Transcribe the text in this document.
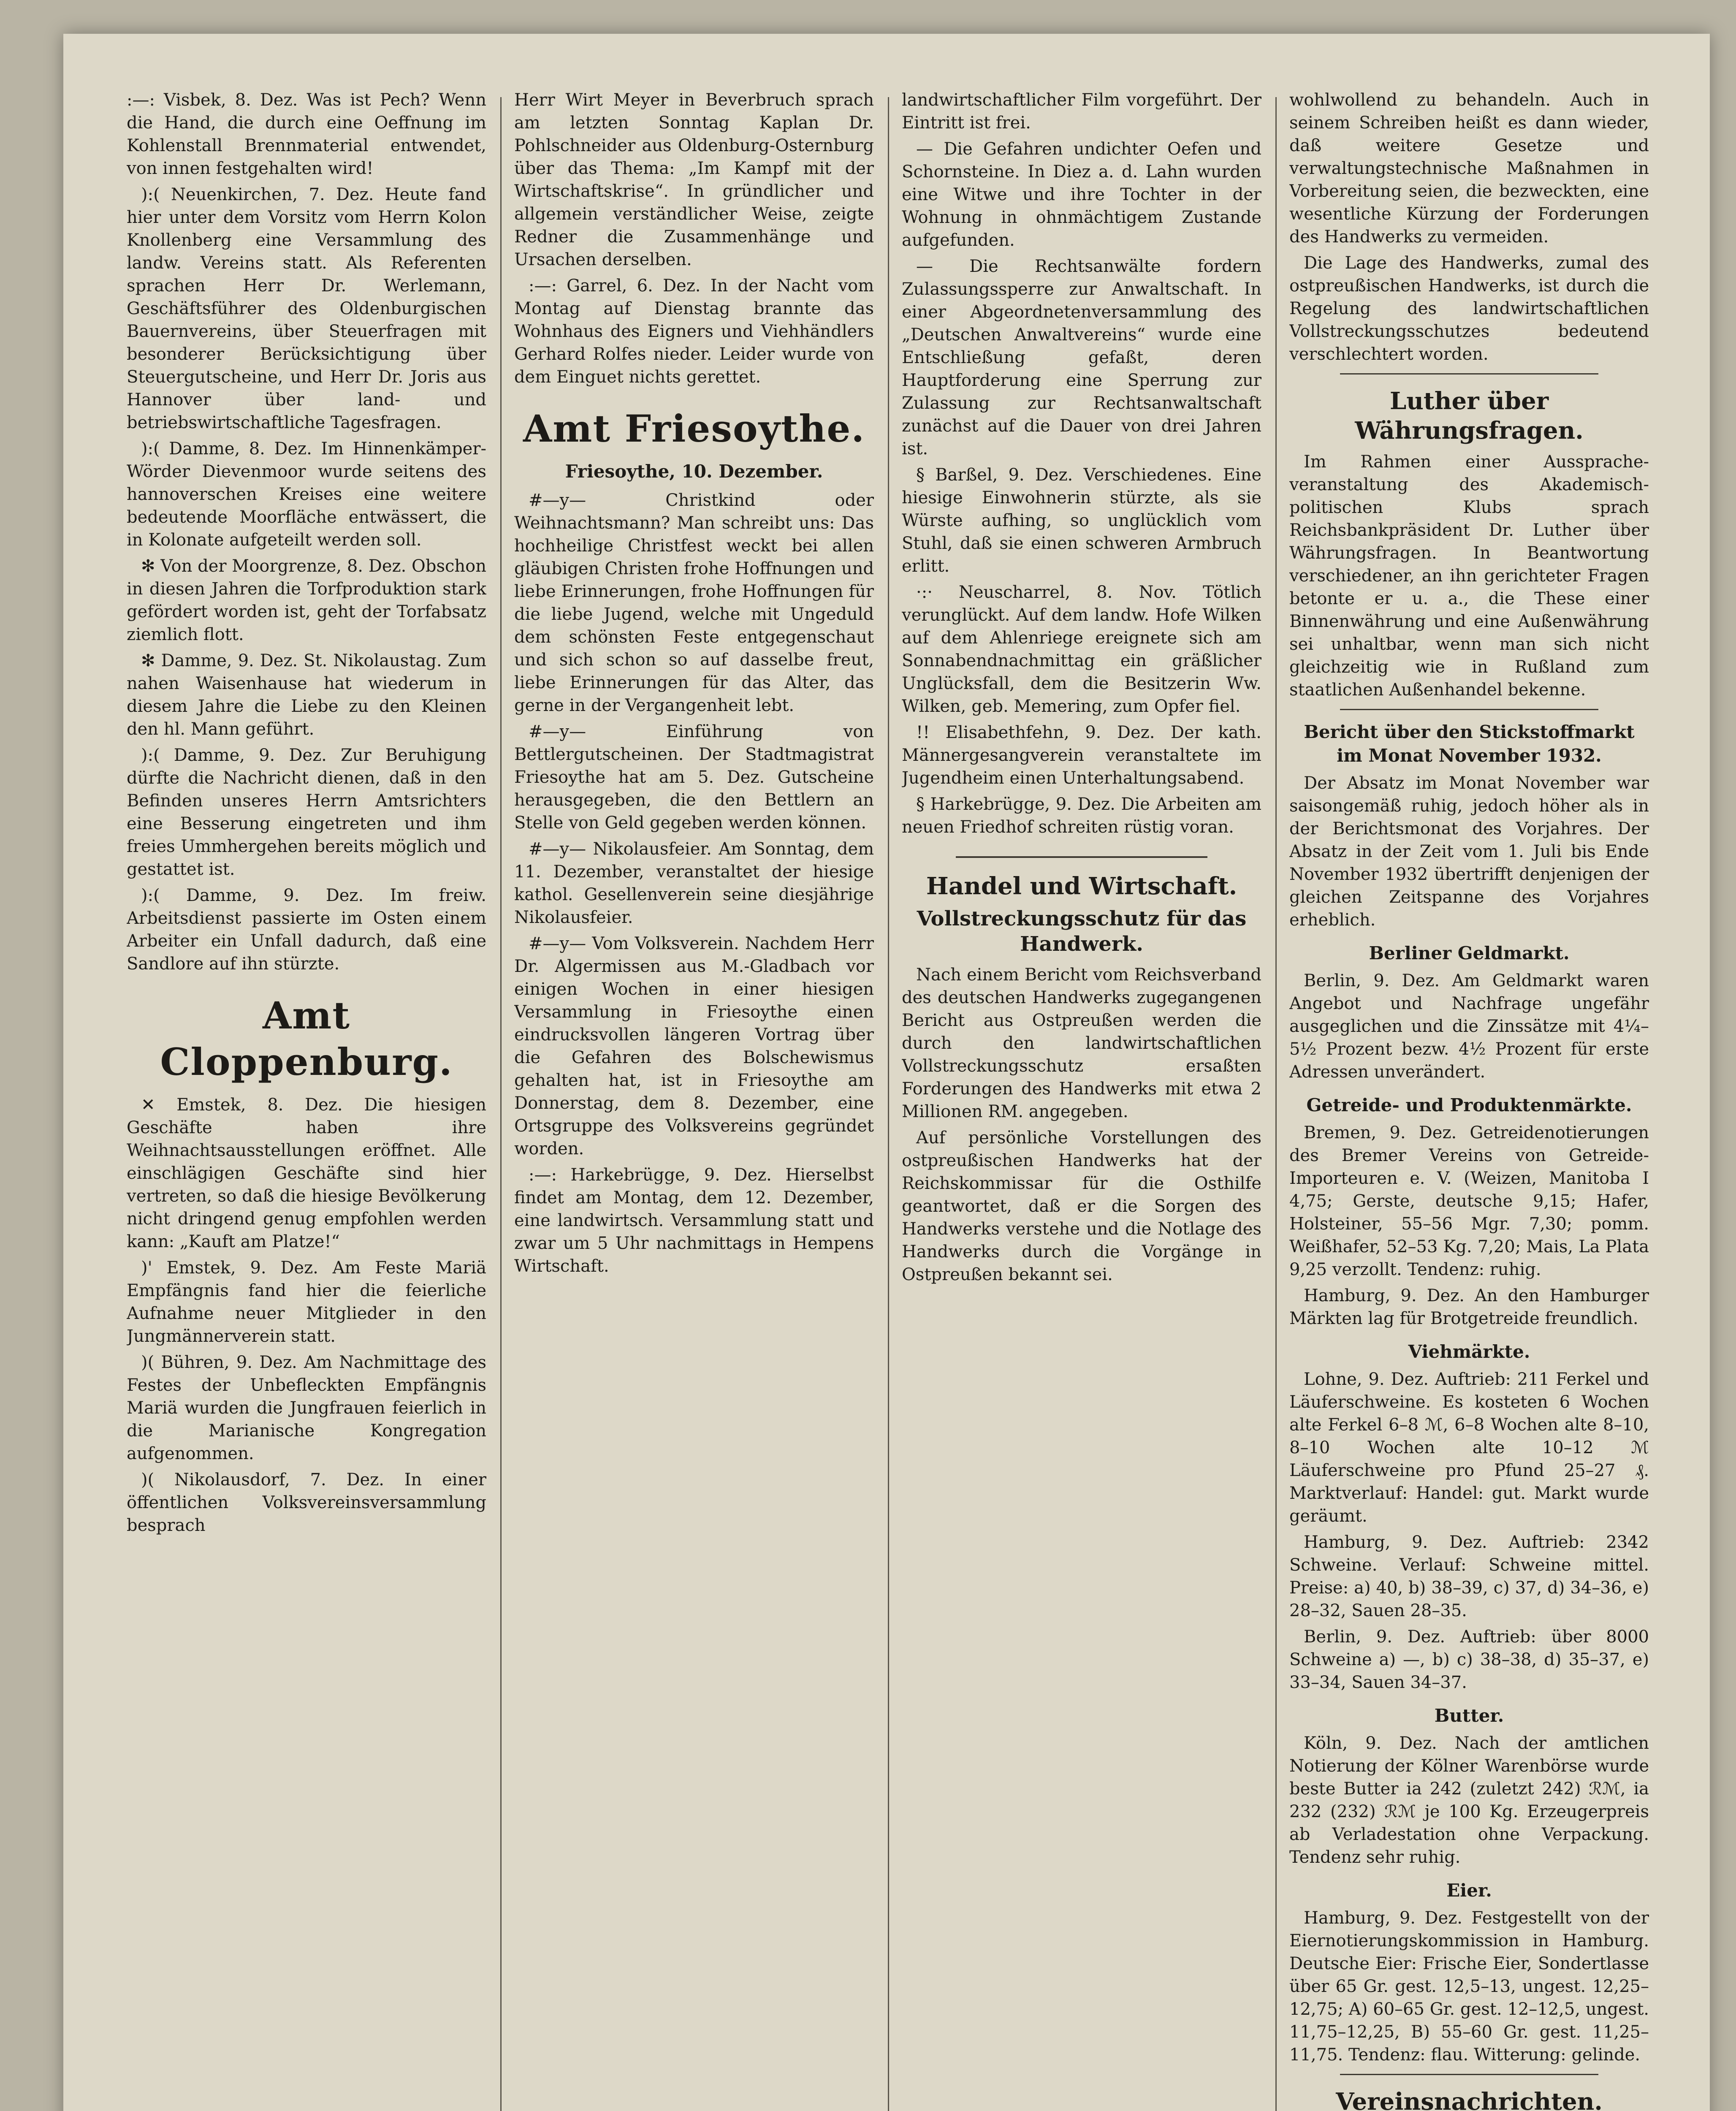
:—: Visbek, 8. Dez. Was ist Pech? Wenn die Hand, die durch eine Oeffnung im Kohlenstall Brennmaterial entwendet, von innen festgehalten wird!

):( Neuenkirchen, 7. Dez. Heute fand hier unter dem Vorsitz vom Herrn Kolon Knollenberg eine Versammlung des landw. Vereins statt. Als Referenten sprachen Herr Dr. Werlemann, Geschäftsführer des Oldenburgischen Bauernvereins, über Steuerfragen mit besonderer Berücksichtigung über Steuergutscheine, und Herr Dr. Joris aus Hannover über land- und betriebswirtschaftliche Tagesfragen.

):( Damme, 8. Dez. Im Hinnenkämper-Wörder Dievenmoor wurde seitens des hannoverschen Kreises eine weitere bedeutende Moorfläche entwässert, die in Kolonate aufgeteilt werden soll.

✻ Von der Moorgrenze, 8. Dez. Obschon in diesen Jahren die Torfproduktion stark gefördert worden ist, geht der Torfabsatz ziemlich flott.

✻ Damme, 9. Dez. St. Nikolaustag. Zum nahen Waisenhause hat wiederum in diesem Jahre die Liebe zu den Kleinen den hl. Mann geführt.

):( Damme, 9. Dez. Zur Beruhigung dürfte die Nachricht dienen, daß in den Befinden unseres Herrn Amtsrichters eine Besserung eingetreten und ihm freies Ummhergehen bereits möglich und gestattet ist.

):( Damme, 9. Dez. Im freiw. Arbeitsdienst passierte im Osten einem Arbeiter ein Unfall dadurch, daß eine Sandlore auf ihn stürzte.

Amt Cloppenburg.

✕ Emstek, 8. Dez. Die hiesigen Geschäfte haben ihre Weihnachtsausstellungen eröffnet. Alle einschlägigen Geschäfte sind hier vertreten, so daß die hiesige Bevölkerung nicht dringend genug empfohlen werden kann: „Kauft am Platze!“

)' Emstek, 9. Dez. Am Feste Mariä Empfängnis fand hier die feierliche Aufnahme neuer Mitglieder in den Jungmännerverein statt.

)( Bühren, 9. Dez. Am Nachmittage des Festes der Unbefleckten Empfängnis Mariä wurden die Jungfrauen feierlich in die Marianische Kongregation aufgenommen.

)( Nikolausdorf, 7. Dez. In einer öffentlichen Volksvereinsversammlung besprach

Herr Wirt Meyer in Beverbruch sprach am letzten Sonntag Kaplan Dr. Pohlschneider aus Oldenburg-Osternburg über das Thema: „Im Kampf mit der Wirtschaftskrise“. In gründlicher und allgemein verständlicher Weise, zeigte Redner die Zusammenhänge und Ursachen derselben.

:—: Garrel, 6. Dez. In der Nacht vom Montag auf Dienstag brannte das Wohnhaus des Eigners und Viehhändlers Gerhard Rolfes nieder. Leider wurde von dem Einguet nichts gerettet.

Amt Friesoythe.
Friesoythe, 10. Dezember.

#—y— Christkind oder Weihnachtsmann? Man schreibt uns: Das hochheilige Christfest weckt bei allen gläubigen Christen frohe Hoffnungen und liebe Erinnerungen, frohe Hoffnungen für die liebe Jugend, welche mit Ungeduld dem schönsten Feste entgegenschaut und sich schon so auf dasselbe freut, liebe Erinnerungen für das Alter, das gerne in der Vergangenheit lebt.

#—y— Einführung von Bettlergutscheinen. Der Stadtmagistrat Friesoythe hat am 5. Dez. Gutscheine herausgegeben, die den Bettlern an Stelle von Geld gegeben werden können.

#—y— Nikolausfeier. Am Sonntag, dem 11. Dezember, veranstaltet der hiesige kathol. Gesellenverein seine diesjährige Nikolausfeier.

#—y— Vom Volksverein. Nachdem Herr Dr. Algermissen aus M.-Gladbach vor einigen Wochen in einer hiesigen Versammlung in Friesoythe einen eindrucksvollen längeren Vortrag über die Gefahren des Bolschewismus gehalten hat, ist in Friesoythe am Donnerstag, dem 8. Dezember, eine Ortsgruppe des Volksvereins gegründet worden.

:—: Harkebrügge, 9. Dez. Hierselbst findet am Montag, dem 12. Dezember, eine landwirtsch. Versammlung statt und zwar um 5 Uhr nachmittags in Hempens Wirtschaft.

landwirtschaftlicher Film vorgeführt. Der Eintritt ist frei.

— Die Gefahren undichter Oefen und Schornsteine. In Diez a. d. Lahn wurden eine Witwe und ihre Tochter in der Wohnung in ohnmächtigem Zustande aufgefunden.

— Die Rechtsanwälte fordern Zulassungssperre zur Anwaltschaft. In einer Abgeordnetenversammlung des „Deutschen Anwaltvereins“ wurde eine Entschließung gefaßt, deren Hauptforderung eine Sperrung zur Zulassung zur Rechtsanwaltschaft zunächst auf die Dauer von drei Jahren ist.

§ Barßel, 9. Dez. Verschiedenes. Eine hiesige Einwohnerin stürzte, als sie Würste aufhing, so unglücklich vom Stuhl, daß sie einen schweren Armbruch erlitt.

·:· Neuscharrel, 8. Nov. Tötlich verunglückt. Auf dem landw. Hofe Wilken auf dem Ahlenriege ereignete sich am Sonnabendnachmittag ein gräßlicher Unglücksfall, dem die Besitzerin Ww. Wilken, geb. Memering, zum Opfer fiel.

!! Elisabethfehn, 9. Dez. Der kath. Männergesangverein veranstaltete im Jugendheim einen Unterhaltungsabend.

§ Harkebrügge, 9. Dez. Die Arbeiten am neuen Friedhof schreiten rüstig voran.

Handel und Wirtschaft.
Vollstreckungsschutz für das Handwerk.

Nach einem Bericht vom Reichsverband des deutschen Handwerks zugegangenen Bericht aus Ostpreußen werden die durch den landwirtschaftlichen Vollstreckungsschutz ersaßten Forderungen des Handwerks mit etwa 2 Millionen RM. angegeben.

Auf persönliche Vorstellungen des ostpreußischen Handwerks hat der Reichskommissar für die Osthilfe geantwortet, daß er die Sorgen des Handwerks verstehe und die Notlage des Handwerks durch die Vorgänge in Ostpreußen bekannt sei.

wohlwollend zu behandeln. Auch in seinem Schreiben heißt es dann wieder, daß weitere Gesetze und verwaltungstechnische Maßnahmen in Vorbereitung seien, die bezweckten, eine wesentliche Kürzung der Forderungen des Handwerks zu vermeiden.

Die Lage des Handwerks, zumal des ostpreußischen Handwerks, ist durch die Regelung des landwirtschaftlichen Vollstreckungsschutzes bedeutend verschlechtert worden.

Luther über Währungsfragen.

Im Rahmen einer Ausspracheveranstaltung des Akademisch-politischen Klubs sprach Reichsbankpräsident Dr. Luther über Währungsfragen. In Beantwortung verschiedener, an ihn gerichteter Fragen betonte er u. a., die These einer Binnenwährung und eine Außenwährung sei unhaltbar, wenn man sich nicht gleichzeitig wie in Rußland zum staatlichen Außenhandel bekenne.

Bericht über den Stickstoffmarkt im Monat November 1932.

Der Absatz im Monat November war saisongemäß ruhig, jedoch höher als in der Berichtsmonat des Vorjahres. Der Absatz in der Zeit vom 1. Juli bis Ende November 1932 übertrifft denjenigen der gleichen Zeitspanne des Vorjahres erheblich.

Berliner Geldmarkt.

Berlin, 9. Dez. Am Geldmarkt waren Angebot und Nachfrage ungefähr ausgeglichen und die Zinssätze mit 4¼–5½ Prozent bezw. 4½ Prozent für erste Adressen unverändert.

Getreide- und Produktenmärkte.

Bremen, 9. Dez. Getreidenotierungen des Bremer Vereins von Getreide-Importeuren e. V. (Weizen, Manitoba I 4,75; Gerste, deutsche 9,15; Hafer, Holsteiner, 55–56 Mgr. 7,30; pomm. Weißhafer, 52–53 Kg. 7,20; Mais, La Plata 9,25 verzollt. Tendenz: ruhig.

Hamburg, 9. Dez. An den Hamburger Märkten lag für Brotgetreide freundlich.

Viehmärkte.

Lohne, 9. Dez. Auftrieb: 211 Ferkel und Läuferschweine. Es kosteten 6 Wochen alte Ferkel 6–8 ℳ, 6–8 Wochen alte 8–10, 8–10 Wochen alte 10–12 ℳ Läuferschweine pro Pfund 25–27 ₰. Marktverlauf: Handel: gut. Markt wurde geräumt.

Hamburg, 9. Dez. Auftrieb: 2342 Schweine. Verlauf: Schweine mittel. Preise: a) 40, b) 38–39, c) 37, d) 34–36, e) 28–32, Sauen 28–35.

Berlin, 9. Dez. Auftrieb: über 8000 Schweine a) —, b) c) 38–38, d) 35–37, e) 33–34, Sauen 34–37.

Butter.

Köln, 9. Dez. Nach der amtlichen Notierung der Kölner Warenbörse wurde beste Butter ia 242 (zuletzt 242) ℛℳ, ia 232 (232) ℛℳ je 100 Kg. Erzeugerpreis ab Verladestation ohne Verpackung. Tendenz sehr ruhig.

Eier.

Hamburg, 9. Dez. Festgestellt von der Eiernotierungskommission in Hamburg. Deutsche Eier: Frische Eier, Sondertlasse über 65 Gr. gest. 12,5–13, ungest. 12,25–12,75; A) 60–65 Gr. gest. 12–12,5, ungest. 11,75–12,25, B) 55–60 Gr. gest. 11,25–11,75. Tendenz: flau. Witterung: gelinde.

Vereinsnachrichten.
